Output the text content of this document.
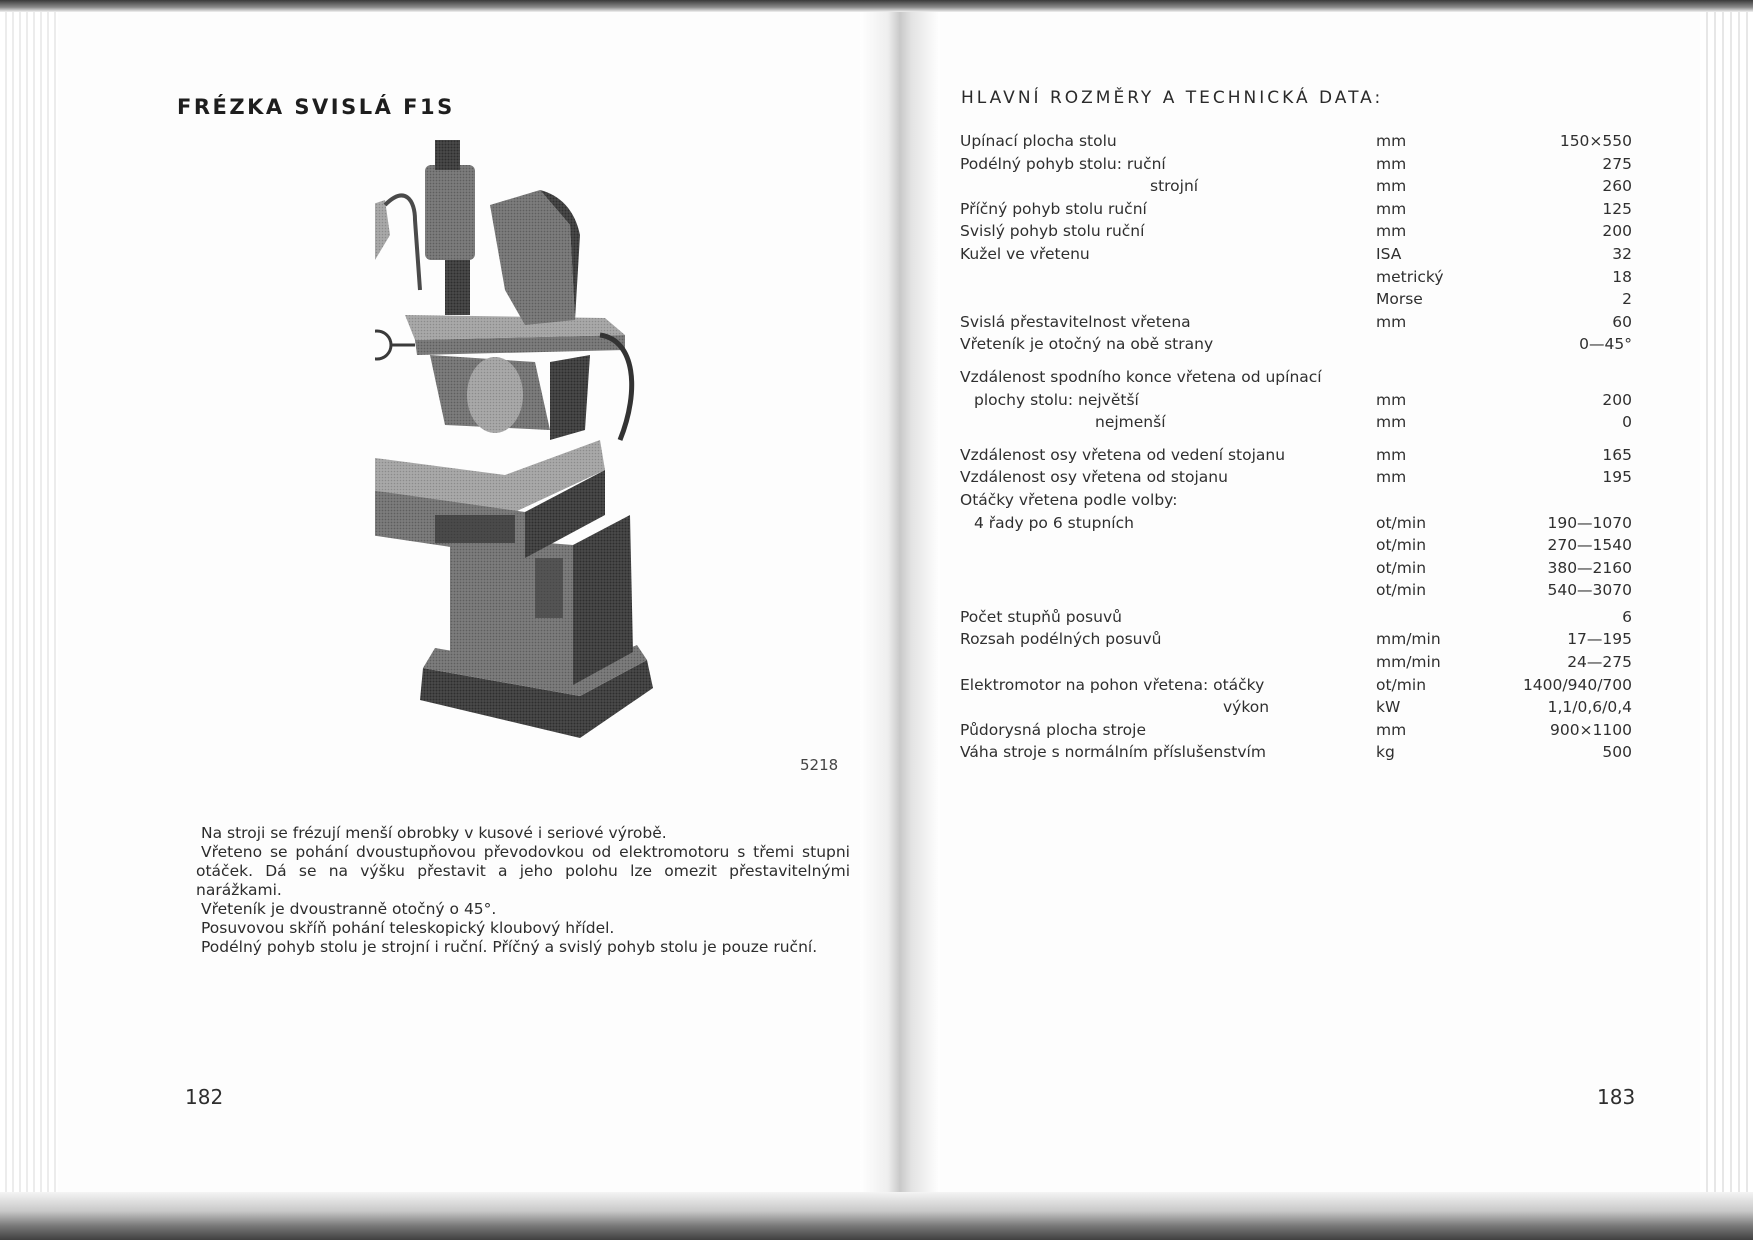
FRÉZKA SVISLÁ F1S
5218

Na stroji se frézují menší obrobky v kusové i seriové výrobě.

Vřeteno se pohání dvoustupňovou převodovkou od elektromotoru s třemi stupni otáček. Dá se na výšku přestavit a jeho polohu lze omezit přestavitelnými narážkami.

Vřeteník je dvoustranně otočný o 45°.

Posuvovou skříň pohání teleskopický kloubový hřídel.

Podélný pohyb stolu je strojní i ruční. Příčný a svislý pohyb stolu je pouze ruční.

182
HLAVNÍ ROZMĚRY A TECHNICKÁ DATA:
Upínací plocha stolu . . .	mm	150×550
Podélný pohyb stolu: ruční . . .	mm	275
strojní . . .	mm	260
Příčný pohyb stolu ruční . . .	mm	125
Svislý pohyb stolu ruční . . .	mm	200
Kužel ve vřetenu . . .	ISA	32
metrický	18
Morse	2
Svislá přestavitelnost vřetena . . .	mm	60
Vřeteník je otočný na obě strany . . .	0—45°
Vzdálenost spodního konce vřetena od upínací
plochy stolu: největší . . .	mm	200
nejmenší . . .	mm	0
Vzdálenost osy vřetena od vedení stojanu . . .	mm	165
Vzdálenost osy vřetena od stojanu . . .	mm	195
Otáčky vřetena podle volby:
4 řady po 6 stupních . . .	ot/min	190—1070
ot/min	270—1540
ot/min	380—2160
ot/min	540—3070
Počet stupňů posuvů . . .	6
Rozsah podélných posuvů . . .	mm/min	17—195
mm/min	24—275
Elektromotor na pohon vřetena: otáčky . . .	ot/min	1400/940/700
výkon . . .	kW	1,1/0,6/0,4
Půdorysná plocha stroje . . .	mm	900×1100
Váha stroje s normálním příslušenstvím . . .	kg	500
183
